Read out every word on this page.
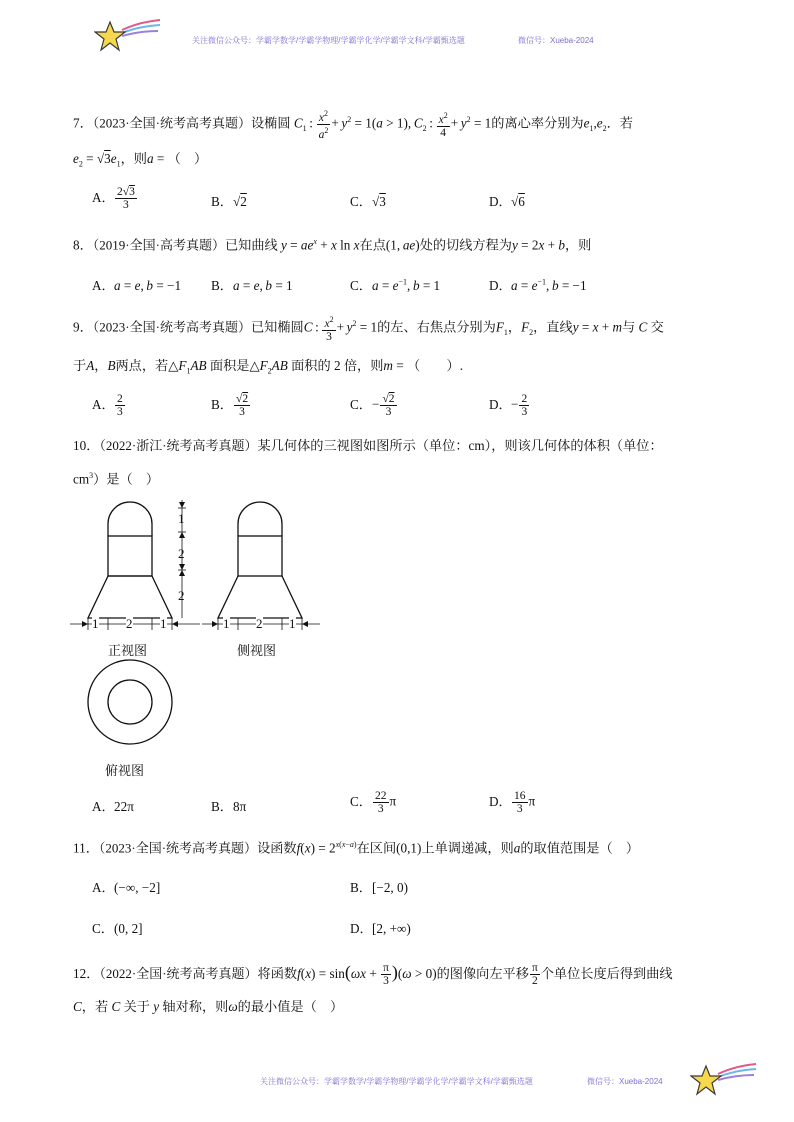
关注微信公众号：学霸学数学/学霸学物理/学霸学化学/学霸学文科/学霸甄选题	微信号：Xueba-2024
7．（2023·全国·统考高考真题）设椭圆 $C_1$ :  $\frac{x^2}{a^2} + y^2 = 1(a > 1)$, $C_2$ :  $\frac{x^2}{4} + y^2 = 1$的离心率分别为$e_1,e_2$．若
$e_2 = √3e_1$，则a = （　）
A． $\frac{2√3}{3}$	B．√2	C．√3	D．√6
8．（2019·全国·高考真题）已知曲线 $y = ae^x + x$ ln x在点(1, ae)处的切线方程为y = 2x + b，则
A．a = e, b = −1 B．a = e, b = 1	C．$a = e^{-1}$, b = 1	D．$a = e^{-1}$, b = −1
9．（2023·全国·统考高考真题）已知椭圆C :  $\frac{x^2}{3} + y^2 = 1$的左、右焦点分别为$F_1$，$F_2$，直线y = x + m与 C 交
于A，B两点，若$\triangle F_1AB$ 面积是$\triangle F_2AB$ 面积的 2 倍，则m = （　　）.
A． $\frac{2}{3}$	B． $\frac{√2}{3}$	C．− $\frac{√2}{3}$	D．− $\frac{2}{3}$
10．（2022·浙江·统考高考真题）某几何体的三视图如图所示（单位：cm），则该几何体的体积（单位：
$cm^3$）是（　）
1
2
2
1 2 1
正视图
1 2 1
侧视图
俯视图
A．22π	B．8π	C． $\frac{22}{3}$ π	D． $\frac{16}{3}$ π
11．（2023·全国·统考高考真题）设函数$f(x) = 2^{x(x-a)}$在区间(0,1)上单调递减，则a的取值范围是（　）
A．(−∞, −2]	B．[−2, 0)
C．(0, 2]	D．[2, +∞)
12．（2022·全国·统考高考真题）将函数$f(x) = \sin(\omega x + \frac{\pi}{3} )(\omega > 0)$的图像向左平移 $\frac{\pi}{2}$ 个单位长度后得到曲线
C，若 C 关于 y 轴对称，则ω的最小值是（　）
关注微信公众号：学霸学数学/学霸学物理/学霸学化学/学霸学文科/学霸甄选题	微信号：Xueba-2024
